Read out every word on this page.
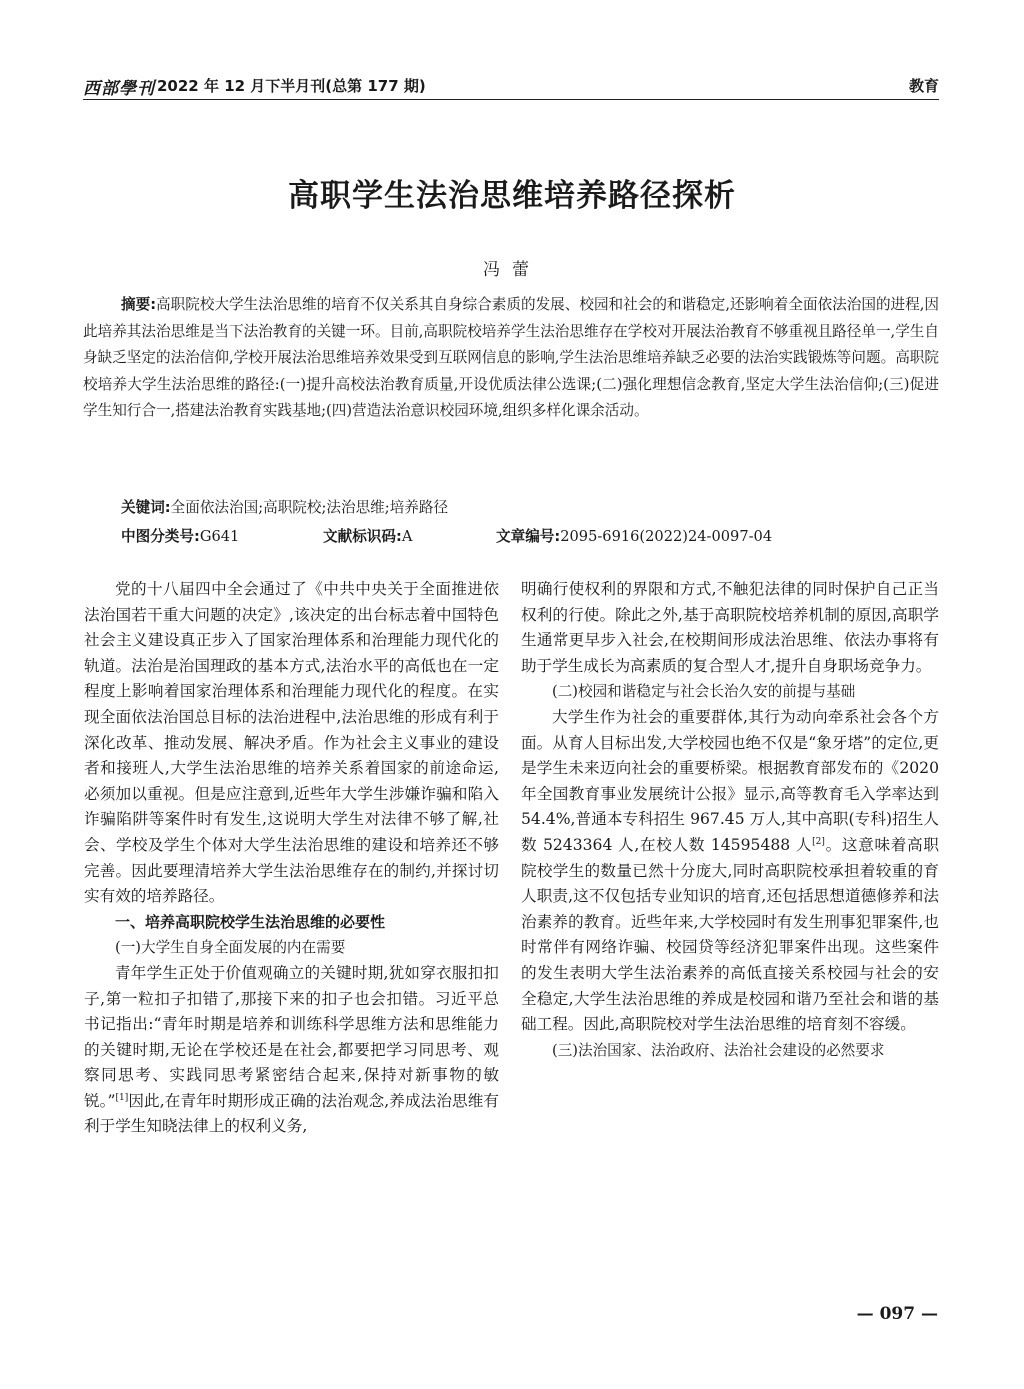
西部學刊 2022 年 12 月下半月刊(总第 177 期)	教育
高职学生法治思维培养路径探析
冯蕾
摘要:高职院校大学生法治思维的培育不仅关系其自身综合素质的发展、校园和社会的和谐稳定,还影响着全面依法治国的进程,因此培养其法治思维是当下法治教育的关键一环。目前,高职院校培养学生法治思维存在学校对开展法治教育不够重视且路径单一,学生自身缺乏坚定的法治信仰,学校开展法治思维培养效果受到互联网信息的影响,学生法治思维培养缺乏必要的法治实践锻炼等问题。高职院校培养大学生法治思维的路径:(一)提升高校法治教育质量,开设优质法律公选课;(二)强化理想信念教育,坚定大学生法治信仰;(三)促进学生知行合一,搭建法治教育实践基地;(四)营造法治意识校园环境,组织多样化课余活动。
关键词:全面依法治国;高职院校;法治思维;培养路径
中图分类号:G641	文献标识码:A	文章编号:2095-6916(2022)24-0097-04

党的十八届四中全会通过了《中共中央关于全面推进依法治国若干重大问题的决定》,该决定的出台标志着中国特色社会主义建设真正步入了国家治理体系和治理能力现代化的轨道。法治是治国理政的基本方式,法治水平的高低也在一定程度上影响着国家治理体系和治理能力现代化的程度。在实现全面依法治国总目标的法治进程中,法治思维的形成有利于深化改革、推动发展、解决矛盾。作为社会主义事业的建设者和接班人,大学生法治思维的培养关系着国家的前途命运,必须加以重视。但是应注意到,近些年大学生涉嫌诈骗和陷入诈骗陷阱等案件时有发生,这说明大学生对法律不够了解,社会、学校及学生个体对大学生法治思维的建设和培养还不够完善。因此要理清培养大学生法治思维存在的制约,并探讨切实有效的培养路径。

一、培养高职院校学生法治思维的必要性

(一)大学生自身全面发展的内在需要

青年学生正处于价值观确立的关键时期,犹如穿衣服扣扣子,第一粒扣子扣错了,那接下来的扣子也会扣错。习近平总书记指出:“青年时期是培养和训练科学思维方法和思维能力的关键时期,无论在学校还是在社会,都要把学习同思考、观察同思考、实践同思考紧密结合起来,保持对新事物的敏锐。”[1]因此,在青年时期形成正确的法治观念,养成法治思维有利于学生知晓法律上的权利义务,

明确行使权利的界限和方式,不触犯法律的同时保护自己正当权利的行使。除此之外,基于高职院校培养机制的原因,高职学生通常更早步入社会,在校期间形成法治思维、依法办事将有助于学生成长为高素质的复合型人才,提升自身职场竞争力。

(二)校园和谐稳定与社会长治久安的前提与基础

大学生作为社会的重要群体,其行为动向牵系社会各个方面。从育人目标出发,大学校园也绝不仅是“象牙塔”的定位,更是学生未来迈向社会的重要桥梁。根据教育部发布的《2020 年全国教育事业发展统计公报》显示,高等教育毛入学率达到 54.4%,普通本专科招生 967.45 万人,其中高职(专科)招生人数 5243364 人,在校人数 14595488 人[2]。这意味着高职院校学生的数量已然十分庞大,同时高职院校承担着较重的育人职责,这不仅包括专业知识的培育,还包括思想道德修养和法治素养的教育。近些年来,大学校园时有发生刑事犯罪案件,也时常伴有网络诈骗、校园贷等经济犯罪案件出现。这些案件的发生表明大学生法治素养的高低直接关系校园与社会的安全稳定,大学生法治思维的养成是校园和谐乃至社会和谐的基础工程。因此,高职院校对学生法治思维的培育刻不容缓。

(三)法治国家、法治政府、法治社会建设的必然要求

— 097 —
